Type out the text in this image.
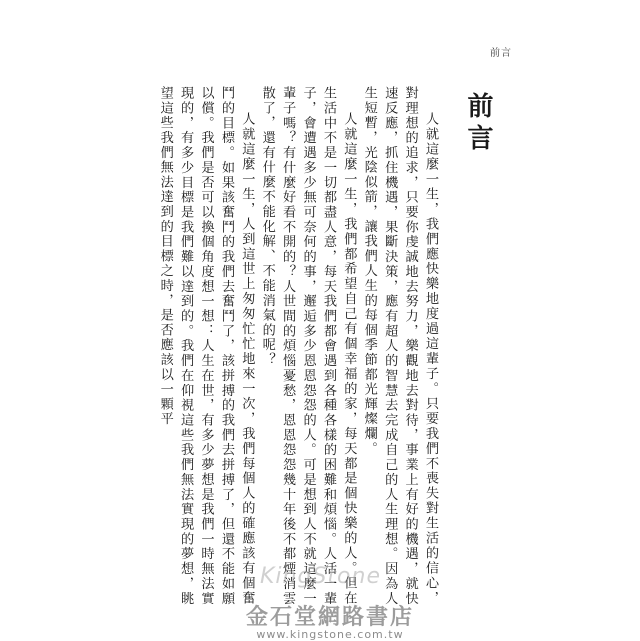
前言
前言

人就這麼一生，我們應快樂地度過這輩子。只要我們不喪失對生活的信心，對理想的追求，只要你虔誠地去努力，樂觀地去對待，事業上有好的機遇，就快速反應，抓住機遇，果斷決策，應有超人的智慧去完成自己的人生理想。因為人生短暫，光陰似箭，讓我們人生的每個季節都光輝燦爛。

人就這麼一生，我們都希望自己有個幸福的家，每天都是個快樂的人。但在生活中不是一切都盡人意，每天我們都會遇到各種各樣的困難和煩惱。人活一輩子，會遭遇多少無可奈何的事，邂逅多少恩恩怨怨的人。可是想到人不就這麼一輩子嗎？有什麼好看不開的？人世間的煩惱憂愁，恩恩怨怨幾十年後不都煙消雲散了，還有什麼不能化解、不能消氣的呢？

人就這麼一生，人到這世上匆匆忙忙地來一次，我們每個人的確應該有個奮鬥的目標。如果該奮鬥的我們去奮鬥了，該拼搏的我們去拼搏了，但還不能如願以償。我們是否可以換個角度想一想：人生在世，有多少夢想是我們一時無法實現的，有多少目標是我們難以達到的。我們在仰視這些我們無法實現的夢想，眺望這些我們無法達到的目標之時，是否應該以一顆平

KingStone
金石堂網路書店
www.kingstone.com.tw
